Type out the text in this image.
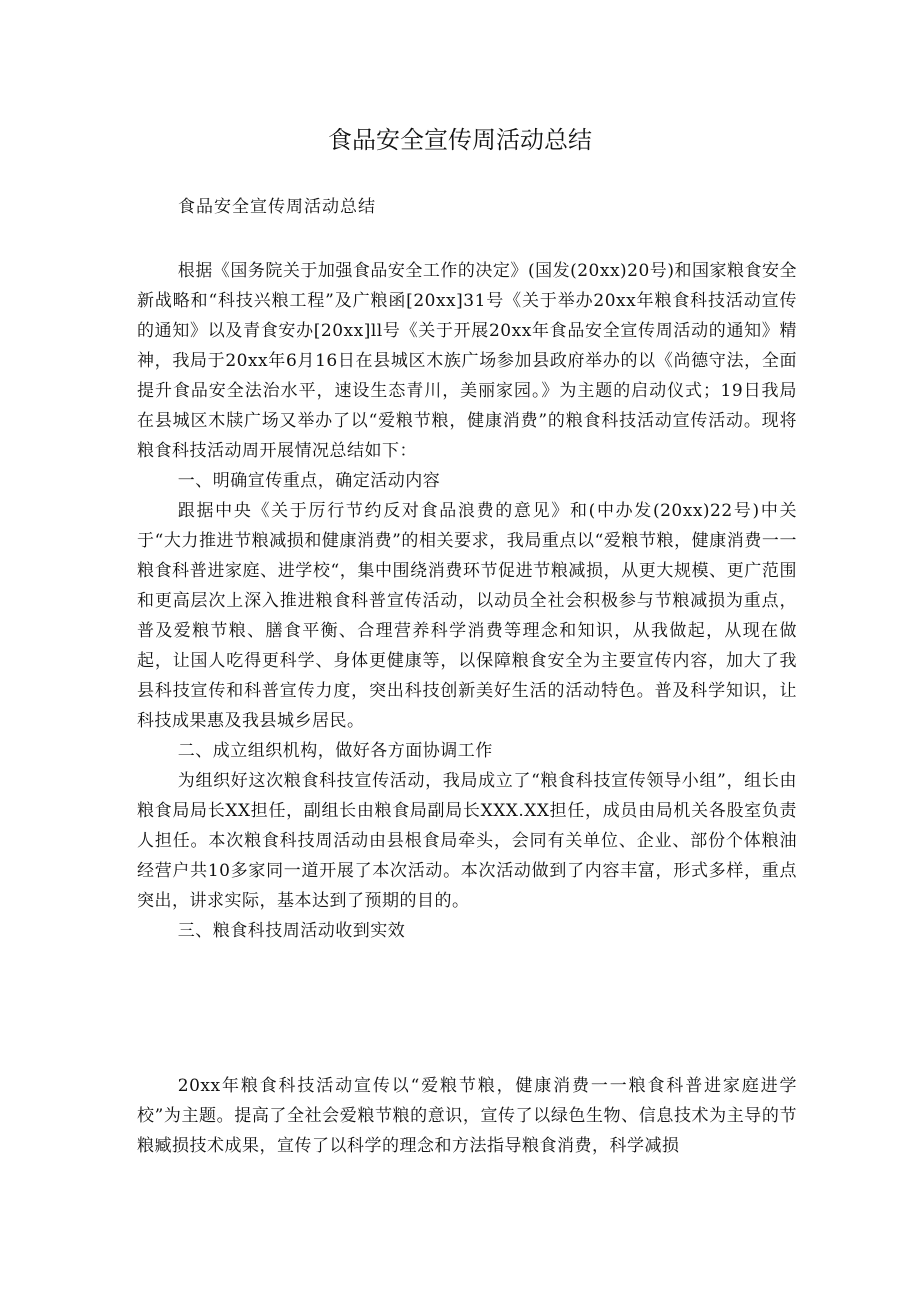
食品安全宣传周活动总结
食品安全宣传周活动总结

根据《国务院关于加强食品安全工作的决定》(国发(20xx)20号)和国家粮食安全新战略和“科技兴粮工程”及广粮函[20xx]31号《关于举办20xx年粮食科技活动宣传的通知》以及青食安办[20xx]ll号《关于开展20xx年食品安全宣传周活动的通知》精神，我局于20xx年6月16日在县城区木族广场参加县政府举办的以《尚德守法，全面提升食品安全法治水平，速设生态青川，美丽家园。》为主题的启动仪式；19日我局在县城区木牍广场又举办了以“爱粮节粮，健康消费”的粮食科技活动宣传活动。现将粮食科技活动周开展情况总结如下：

一、明确宣传重点，确定活动内容

跟据中央《关于厉行节约反对食品浪费的意见》和(中办发(20xx)22号)中关于“大力推进节粮减损和健康消费”的相关要求，我局重点以“爱粮节粮，健康消费一一粮食科普进家庭、进学校“，集中围绕消费环节促进节粮减损，从更大规模、更广范围和更高层次上深入推进粮食科普宣传活动，以动员全社会积极参与节粮减损为重点，普及爱粮节粮、膳食平衡、合理营养科学消费等理念和知识，从我做起，从现在做起，让国人吃得更科学、身体更健康等，以保障粮食安全为主要宣传内容，加大了我县科技宣传和科普宣传力度，突出科技创新美好生活的活动特色。普及科学知识，让科技成果惠及我县城乡居民。

二、成立组织机构，做好各方面协调工作

为组织好这次粮食科技宣传活动，我局成立了“粮食科技宣传领导小组”，组长由粮食局局长XX担任，副组长由粮食局副局长XXX.XX担任，成员由局机关各股室负责人担任。本次粮食科技周活动由县根食局牵头，会同有关单位、企业、部份个体粮油经营户共10多家同一道开展了本次活动。本次活动做到了内容丰富，形式多样，重点突出，讲求实际，基本达到了预期的目的。

三、粮食科技周活动收到实效

20xx年粮食科技活动宣传以“爱粮节粮，健康消费一一粮食科普进家庭进学校”为主题。提高了全社会爱粮节粮的意识，宣传了以绿色生物、信息技术为主导的节粮臧损技术成果，宣传了以科学的理念和方法指导粮食消费，科学减损
